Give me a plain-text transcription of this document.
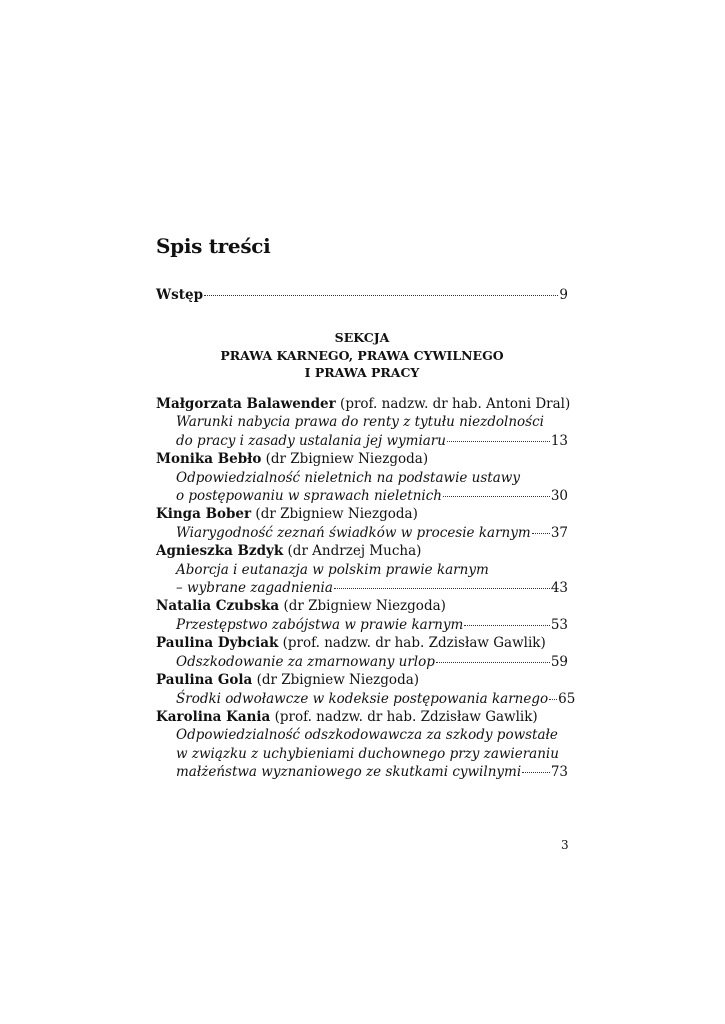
Spis treści
Wstęp	9
SEKCJA
PRAWA KARNEGO, PRAWA CYWILNEGO
I PRAWA PRACY
Małgorzata Balawender (prof. nadzw. dr hab. Antoni Dral)
Warunki nabycia prawa do renty z tytułu niezdolności
do pracy i zasady ustalania jej wymiaru	13
Monika Bebło (dr Zbigniew Niezgoda)
Odpowiedzialność nieletnich na podstawie ustawy
o postępowaniu w sprawach nieletnich	30
Kinga Bober (dr Zbigniew Niezgoda)
Wiarygodność zeznań świadków w procesie karnym 37
Agnieszka Bzdyk (dr Andrzej Mucha)
Aborcja i eutanazja w polskim prawie karnym
– wybrane zagadnienia	43
Natalia Czubska (dr Zbigniew Niezgoda)
Przestępstwo zabójstwa w prawie karnym	53
Paulina Dybciak (prof. nadzw. dr hab. Zdzisław Gawlik)
Odszkodowanie za zmarnowany urlop	59
Paulina Gola (dr Zbigniew Niezgoda)
Środki odwoławcze w kodeksie postępowania karnego 65
Karolina Kania (prof. nadzw. dr hab. Zdzisław Gawlik)
Odpowiedzialność odszkodowawcza za szkody powstałe
w związku z uchybieniami duchownego przy zawieraniu
małżeństwa wyznaniowego ze skutkami cywilnymi 73
3
